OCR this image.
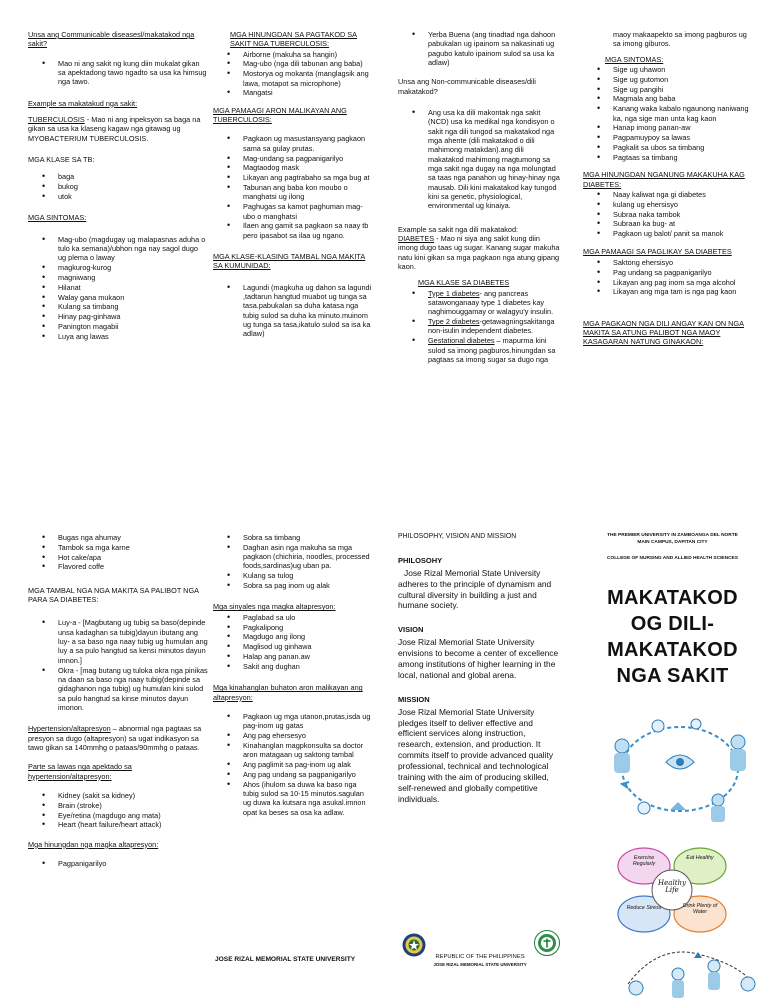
Unsa ang Communicable diseasesl/makatakod nga sakit?

• Mao ni ang sakit ng kung diin mukalat gikan sa apektadong tawo ngadto sa usa ka himsug nga tawo.

Example sa makatakud nga sakit:

TUBERCULOSIS - Mao ni ang inpeksyon sa baga na gikan sa usa ka klaseng kagaw nga gitawag ug MYOBACTERIUM TUBERCULOSIS.

MGA KLASE SA TB:

• baga
• bukog
• utok

MGA SINTOMAS:

• Mag-ubo (magdugay ug malapasnas aduha o tulo ka semana)/ubhon nga nay sagol dugo ug plema o laway
• magkurog-kurog
• magniwang
• Hilanat
• Walay gana mukaon
• Kulang sa timbang
• Hinay pag-ginhawa
• Panington magabii
• Luya ang lawas

MGA HINUNGDAN SA PAGTAKOD SA SAKIT NGA TUBERCULOSIS:

• Airborne (makuha sa hangin)
• Mag-ubo (nga dili tabunan ang baba)
• Mostorya og mokanta (manglagsik ang lawa, motapot sa microphone)
• Mangatsi

MGA PAMAAGI ARON MALIKAYAN ANG TUBERCULOSIS:

• Pagkaon ug masustansyang pagkaon sama sa gulay prutas.
• Mag-undang sa pagpanigarilyo
• Magtaodog mask
• Likayan ang pagtrabaho sa mga bug at
• Tabunan ang baba kon moubo o manghatsi ug ilong
• Paghugas sa kamot paghuman mag-ubo o manghatsi
• Ilaen ang gamit sa pagkaon sa naay tb pero ipasabot sa ilaa ug ngano.

MGA KLASE-KLASING TAMBAL NGA MAKITA SA KUMUNIDAD:

• Lagundi (magkuha ug dahon sa lagundi ,tadtarun hangtud muabot ug tunga sa tasa.pabukalan sa duha katasa nga tubig sulod sa duha ka minuto.muinom ug tunga sa tasa,ikatulo sulod sa isa ka adlaw)
• Yerba Buena (ang tinadtad nga dahoon pabukalan ug ipainom sa nakasinati ug pagubo katulo ipainom sulod sa usa ka adlaw)

Unsa ang Non-communicable diseases/dili makatakod?

• Ang usa ka dili makontak nga sakit (NCD) usa ka medikal nga kondisyon o sakit nga dili tungod sa makatakod nga mga ahente (dili makatakod o dili mahimong matakdan).ang dili makatakod mahimong magtumong sa mga sakit nga dugay na nga molungtad sa taas nga panahon ug hinay-hinay nga mausab. Dili kini makatakod kay tungod kini sa genetic, physiological, environmental ug kinaiya.

Example sa sakit nga dili makatakod:
DIABETES - Mao ni siya ang sakit kung diin imong dugo taas ug sugar. Kanang sugar makuha natu kini gikan sa mga pagkaon nga atung gipang kaon.

MGA KLASE SA DIABETES

• Type 1 diabetes- ang pancreas satawonganaay type 1 diabetes kay naghimouggamay or walagyu'y insulin.
• Type 2 diabetes-getawagningsakitanga non-isulin independent diabetes.
• Gestational diabetes – mapurma kini sulod sa imong pagburos.hinungdan sa pagtaas sa imong sugar sa dugo nga

maoy makaapekto sa imong pagburos ug sa imong giburos.

MGA SINTOMAS:

• Sige ug uhawon
• Sige ug gutomon
• Sige ug pangihi
• Magmala ang baba
• Kanang waka kabalo ngaunong naniwang ka, nga sige man unta kag kaon
• Hanap imong panan-aw
• Pagpamuypoy sa lawas
• Pagkalit sa ubos sa timbang
• Pagtaas sa timbang

MGA HINUNGDAN NGANUNG MAKAKUHA KAG DIABETES:

• Naay kaliwat nga gi diabetes
• kulang ug ehersisyo
• Subraa naka tambok
• Subraan ka bug- at
• Pagkaon ug balot/ panit sa manok

MGA PAMAAGI SA PAGLIKAY SA DIABETES

• Saktong ehersisyo
• Pag undang sa pagpanigarilyo
• Likayan ang pag inom sa mga alcohol
• Likayan ang mga tam is nga pag kaon

MGA PAGKAON NGA DILI ANGAY KAN ON NGA MAKITA SA ATUNG PALIBOT NGA MAOY KASAGARAN NATUNG GINAKAON:

• Bugas nga ahumay
• Tambok sa mga karne
• Hot cake/apa
• Flavored coffe

MGA TAMBAL NGA NGA MAKITA SA PALIBOT NGA PARA SA DIABETES:

• Luy-a - [Magbutang ug tubig sa baso(depinde unsa kadaghan sa tubig)dayun ibutang ang luy- a sa baso nga naay tubig ug humulan ang luy a sa pulo hangtud sa kensi minutos dayun imnon.]
• Okra - [mag butang ug tuloka okra nga pinikas na daan sa baso nga naay tubig(depinde sa gidaghanon nga tubig) ug humulan kini sulod sa pulo hangtud sa kinse minutos dayun imonon.

Hypertension/altapresyon – abnormal nga pagtaas sa presyon sa dugo (altapresyon) sa ugat indikasyon sa tawo gikan sa 140mmhg o pataas/90mmhg o pataas.

Parte sa lawas nga apektado sa hypertension/altapresyon:

• Kidney (sakit sa kidney)
• Brain (stroke)
• Eye/retina (magdugo ang mata)
• Heart (heart failure/heart attack)

Mga hinungdan nga magka altapresyon:

• Pagpanigarilyo
• Sobra sa timbang
• Daghan asin nga makuha sa mga pagkaon (chichiria, noodles, processed foods,sardinas)ug uban pa.
• Kulang sa tulog
• Sobra sa pag inom ug alak

Mga sinyales nga magka altapresyon:

• Paglabad sa ulo
• Pagkalipong
• Magdugo ang ilong
• Maglisod ug ginhawa
• Halap ang panan.aw
• Sakit ang dughan

Mga kinahanglan buhaton aron malikayan ang altapresyon:

• Pagkaon ug mga utanon,prutas,isda ug pag-inom ug gatas
• Ang pag ehersesyo
• Kinahanglan magpkonsulta sa doctor aron matagaan ug saktong tambal
• Ang paglimit sa pag-inom ug alak
• Ang pag undang sa pagpanigarilyo
• Ahos (ihulom sa duwa ka baso nga tubig sulod sa 10-15 minutos.sagulan ug duwa ka kutsara nga asukal.imnon opat ka beses sa osa ka adlaw.
JOSE RIZAL MEMORIAL STATE UNIVERSITY

PHILOSOPHY, VISION AND MISSION

PHILOSOHY

Jose Rizal Memorial State University adheres to the principle of dynamism and cultural diversity in building a just and humane society.

VISION

Jose Rizal Memorial State University envisions to become a center of excellence among institutions of higher learning in the local, national and global arena.

MISSION

Jose Rizal Memorial State University pledges itself to deliver effective and efficient services along instruction, research, extension, and production. It commits itself to provide advanced quality professional, technical and technological training with the aim of producing skilled, self-renewed and globally competitive individuals.

REPUBLIC OF THE PHILIPPINES
JOSE RIZAL MEMORIAL STATE UNIVERSITY
THE PREMIER UNIVERSITY IN ZAMBOANGA DEL NORTE
MAIN CAMPUS, DAPITAN CITY
COLLEGE OF NURSING AND ALLIED HEALTH SCIENCES
MAKATAKOD
OG DILI-
MAKATAKOD
NGA SAKIT
Healthy Life
Exercise Regularly
Eat Healthy
Reduce Stress	Drink Plenty of Water
